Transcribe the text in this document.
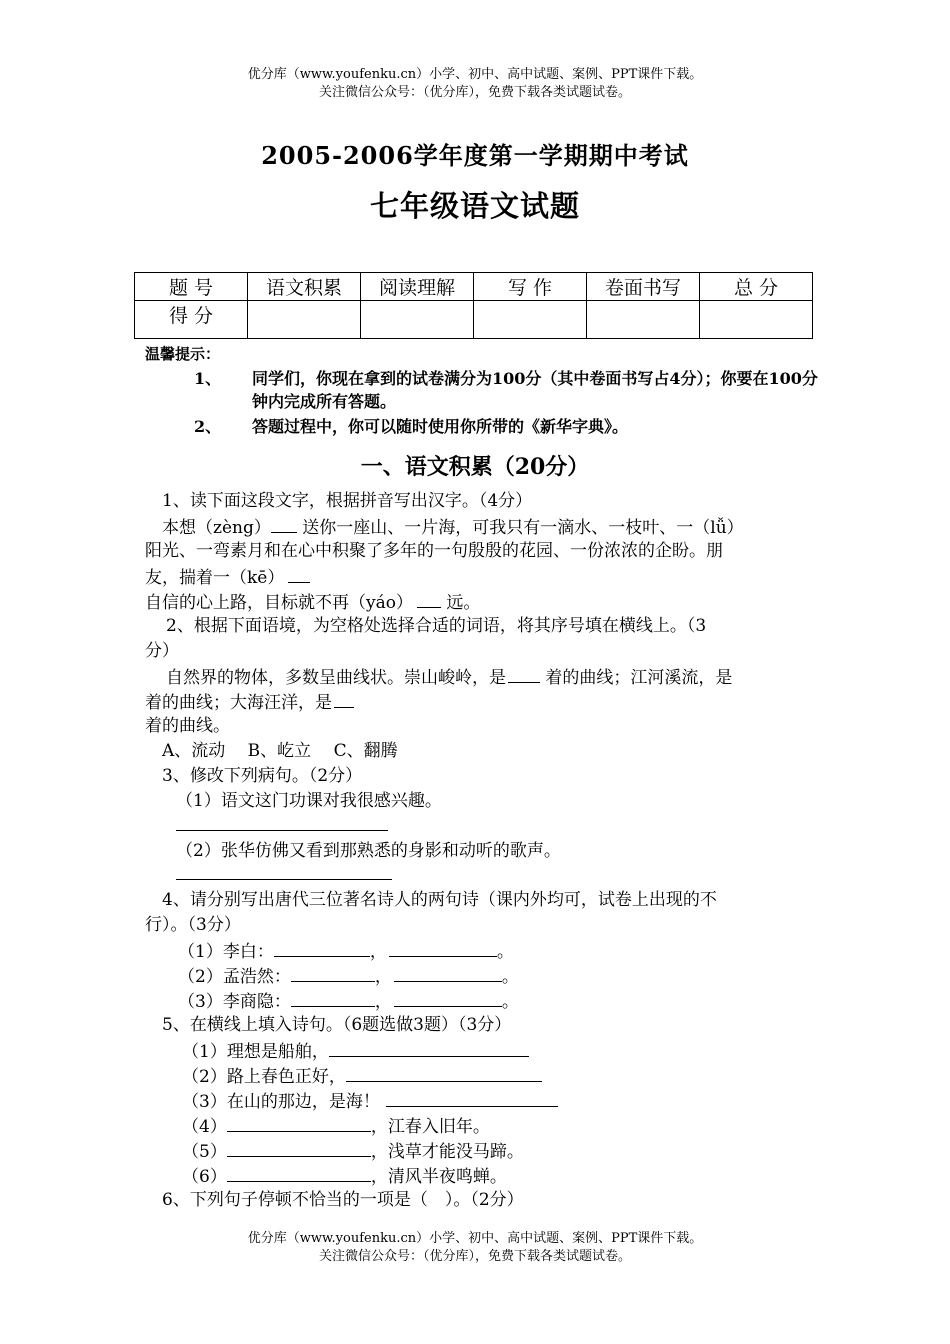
优分库（www.youfenku.cn）小学、初中、高中试题、案例、PPT课件下载。
关注微信公众号：（优分库），免费下载各类试题试卷。
2005-2006学年度第一学期期中考试
七年级语文试题
题 号	语文积累	阅读理解	写 作	卷面书写	总 分
得 分					
温馨提示：
1、 同学们，你现在拿到的试卷满分为100分（其中卷面书写占4分）；你要在100分钟内完成所有答题。
2、 答题过程中，你可以随时使用你所带的《新华字典》。
一、语文积累（20分）
1、读下面这段文字，根据拼音写出汉字。（4分）
本想（zèng） 送你一座山、一片海，可我只有一滴水、一枝叶、一（lǚ）
阳光、一弯素月和在心中积聚了多年的一句殷殷的花园、一份浓浓的企盼。朋
友，揣着一（kē）
自信的心上路，目标就不再（yáo） 远。
2、根据下面语境，为空格处选择合适的词语，将其序号填在横线上。（3
分）
自然界的物体，多数呈曲线状。崇山峻岭，是 着的曲线；江河溪流，是
着的曲线；大海汪洋，是
着的曲线。
A、流动　 B、屹立　 C、翻腾
3、修改下列病句。（2分）
（1）语文这门功课对我很感兴趣。
（2）张华仿佛又看到那熟悉的身影和动听的歌声。
4、请分别写出唐代三位著名诗人的两句诗（课内外均可，试卷上出现的不
行）。（3分）
（1）李白：	，	。
（2）孟浩然：	，	。
（3）李商隐：	，	。
5、在横线上填入诗句。（6题选做3题）（3分）
（1）理想是船舶，
（2）路上春色正好，
（3）在山的那边，是海！
（4）	，江春入旧年。
（5）	，浅草才能没马蹄。
（6）	，清风半夜鸣蝉。
6、下列句子停顿不恰当的一项是（　）。（2分）
优分库（www.youfenku.cn）小学、初中、高中试题、案例、PPT课件下载。
关注微信公众号：（优分库），免费下载各类试题试卷。
